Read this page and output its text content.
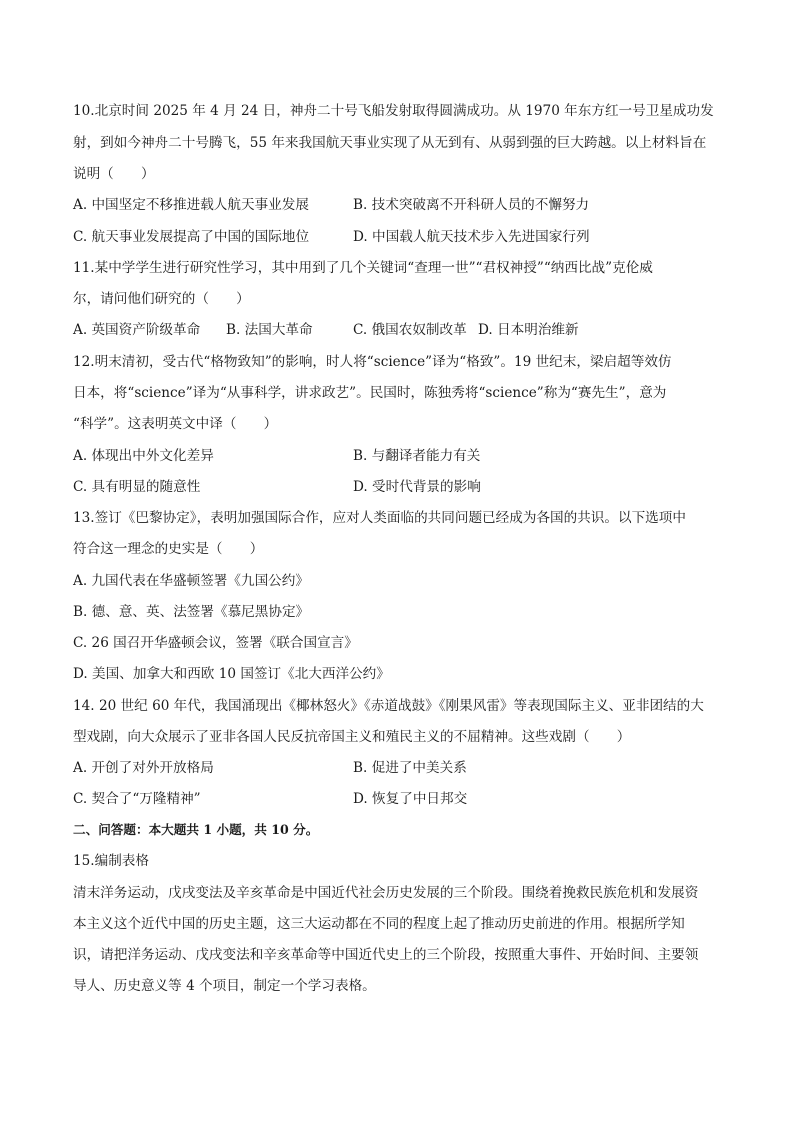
10.北京时间 2025 年 4 月 24 日，神舟二十号飞船发射取得圆满成功。从 1970 年东方红一号卫星成功发
射，到如今神舟二十号腾飞，55 年来我国航天事业实现了从无到有、从弱到强的巨大跨越。以上材料旨在
说明（　　）
A. 中国坚定不移推进载人航天事业发展	B. 技术突破离不开科研人员的不懈努力
C. 航天事业发展提高了中国的国际地位	D. 中国载人航天技术步入先进国家行列
11.某中学学生进行研究性学习，其中用到了几个关键词“查理一世”“君权神授”“纳西比战”克伦威
尔，请问他们研究的（　　）
A. 英国资产阶级革命 B. 法国大革命	C. 俄国农奴制改革 D. 日本明治维新
12.明末清初，受古代“格物致知”的影响，时人将“science”译为“格致”。19 世纪末，梁启超等效仿
日本，将“science”译为“从事科学，讲求政艺”。民国时，陈独秀将“science”称为“赛先生”，意为
“科学”。这表明英文中译（　　）
A. 体现出中外文化差异	B. 与翻译者能力有关
C. 具有明显的随意性	D. 受时代背景的影响
13.签订《巴黎协定》，表明加强国际合作，应对人类面临的共同问题已经成为各国的共识。以下选项中
符合这一理念的史实是（　　）
A. 九国代表在华盛顿签署《九国公约》
B. 德、意、英、法签署《慕尼黑协定》
C. 26 国召开华盛顿会议，签署《联合国宣言》
D. 美国、加拿大和西欧 10 国签订《北大西洋公约》
14. 20 世纪 60 年代，我国涌现出《椰林怒火》《赤道战鼓》《刚果风雷》等表现国际主义、亚非团结的大
型戏剧，向大众展示了亚非各国人民反抗帝国主义和殖民主义的不屈精神。这些戏剧（　　）
A. 开创了对外开放格局	B. 促进了中美关系
C. 契合了“万隆精神”	D. 恢复了中日邦交
二、问答题：本大题共 1 小题，共 10 分。
15.编制表格
清末洋务运动，戊戌变法及辛亥革命是中国近代社会历史发展的三个阶段。围绕着挽救民族危机和发展资
本主义这个近代中国的历史主题，这三大运动都在不同的程度上起了推动历史前进的作用。根据所学知
识，请把洋务运动、戊戌变法和辛亥革命等中国近代史上的三个阶段，按照重大事件、开始时间、主要领
导人、历史意义等 4 个项目，制定一个学习表格。
